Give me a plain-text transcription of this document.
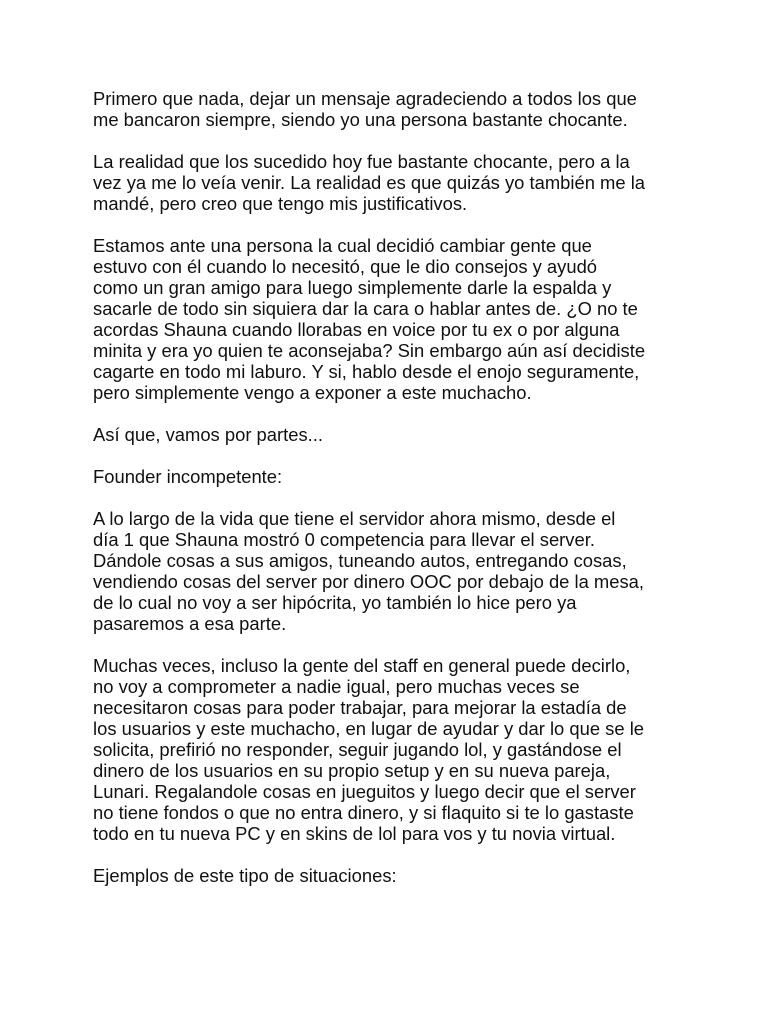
Primero que nada, dejar un mensaje agradeciendo a todos los que
me bancaron siempre, siendo yo una persona bastante chocante.

La realidad que los sucedido hoy fue bastante chocante, pero a la
vez ya me lo veía venir. La realidad es que quizás yo también me la
mandé, pero creo que tengo mis justificativos.

Estamos ante una persona la cual decidió cambiar gente que
estuvo con él cuando lo necesitó, que le dio consejos y ayudó
como un gran amigo para luego simplemente darle la espalda y
sacarle de todo sin siquiera dar la cara o hablar antes de. ¿O no te
acordas Shauna cuando llorabas en voice por tu ex o por alguna
minita y era yo quien te aconsejaba? Sin embargo aún así decidiste
cagarte en todo mi laburo. Y si, hablo desde el enojo seguramente,
pero simplemente vengo a exponer a este muchacho.

Así que, vamos por partes...

Founder incompetente:

A lo largo de la vida que tiene el servidor ahora mismo, desde el
día 1 que Shauna mostró 0 competencia para llevar el server.
Dándole cosas a sus amigos, tuneando autos, entregando cosas,
vendiendo cosas del server por dinero OOC por debajo de la mesa,
de lo cual no voy a ser hipócrita, yo también lo hice pero ya
pasaremos a esa parte.

Muchas veces, incluso la gente del staff en general puede decirlo,
no voy a comprometer a nadie igual, pero muchas veces se
necesitaron cosas para poder trabajar, para mejorar la estadía de
los usuarios y este muchacho, en lugar de ayudar y dar lo que se le
solicita, prefirió no responder, seguir jugando lol, y gastándose el
dinero de los usuarios en su propio setup y en su nueva pareja,
Lunari. Regalandole cosas en jueguitos y luego decir que el server
no tiene fondos o que no entra dinero, y si flaquito si te lo gastaste
todo en tu nueva PC y en skins de lol para vos y tu novia virtual.

Ejemplos de este tipo de situaciones:
